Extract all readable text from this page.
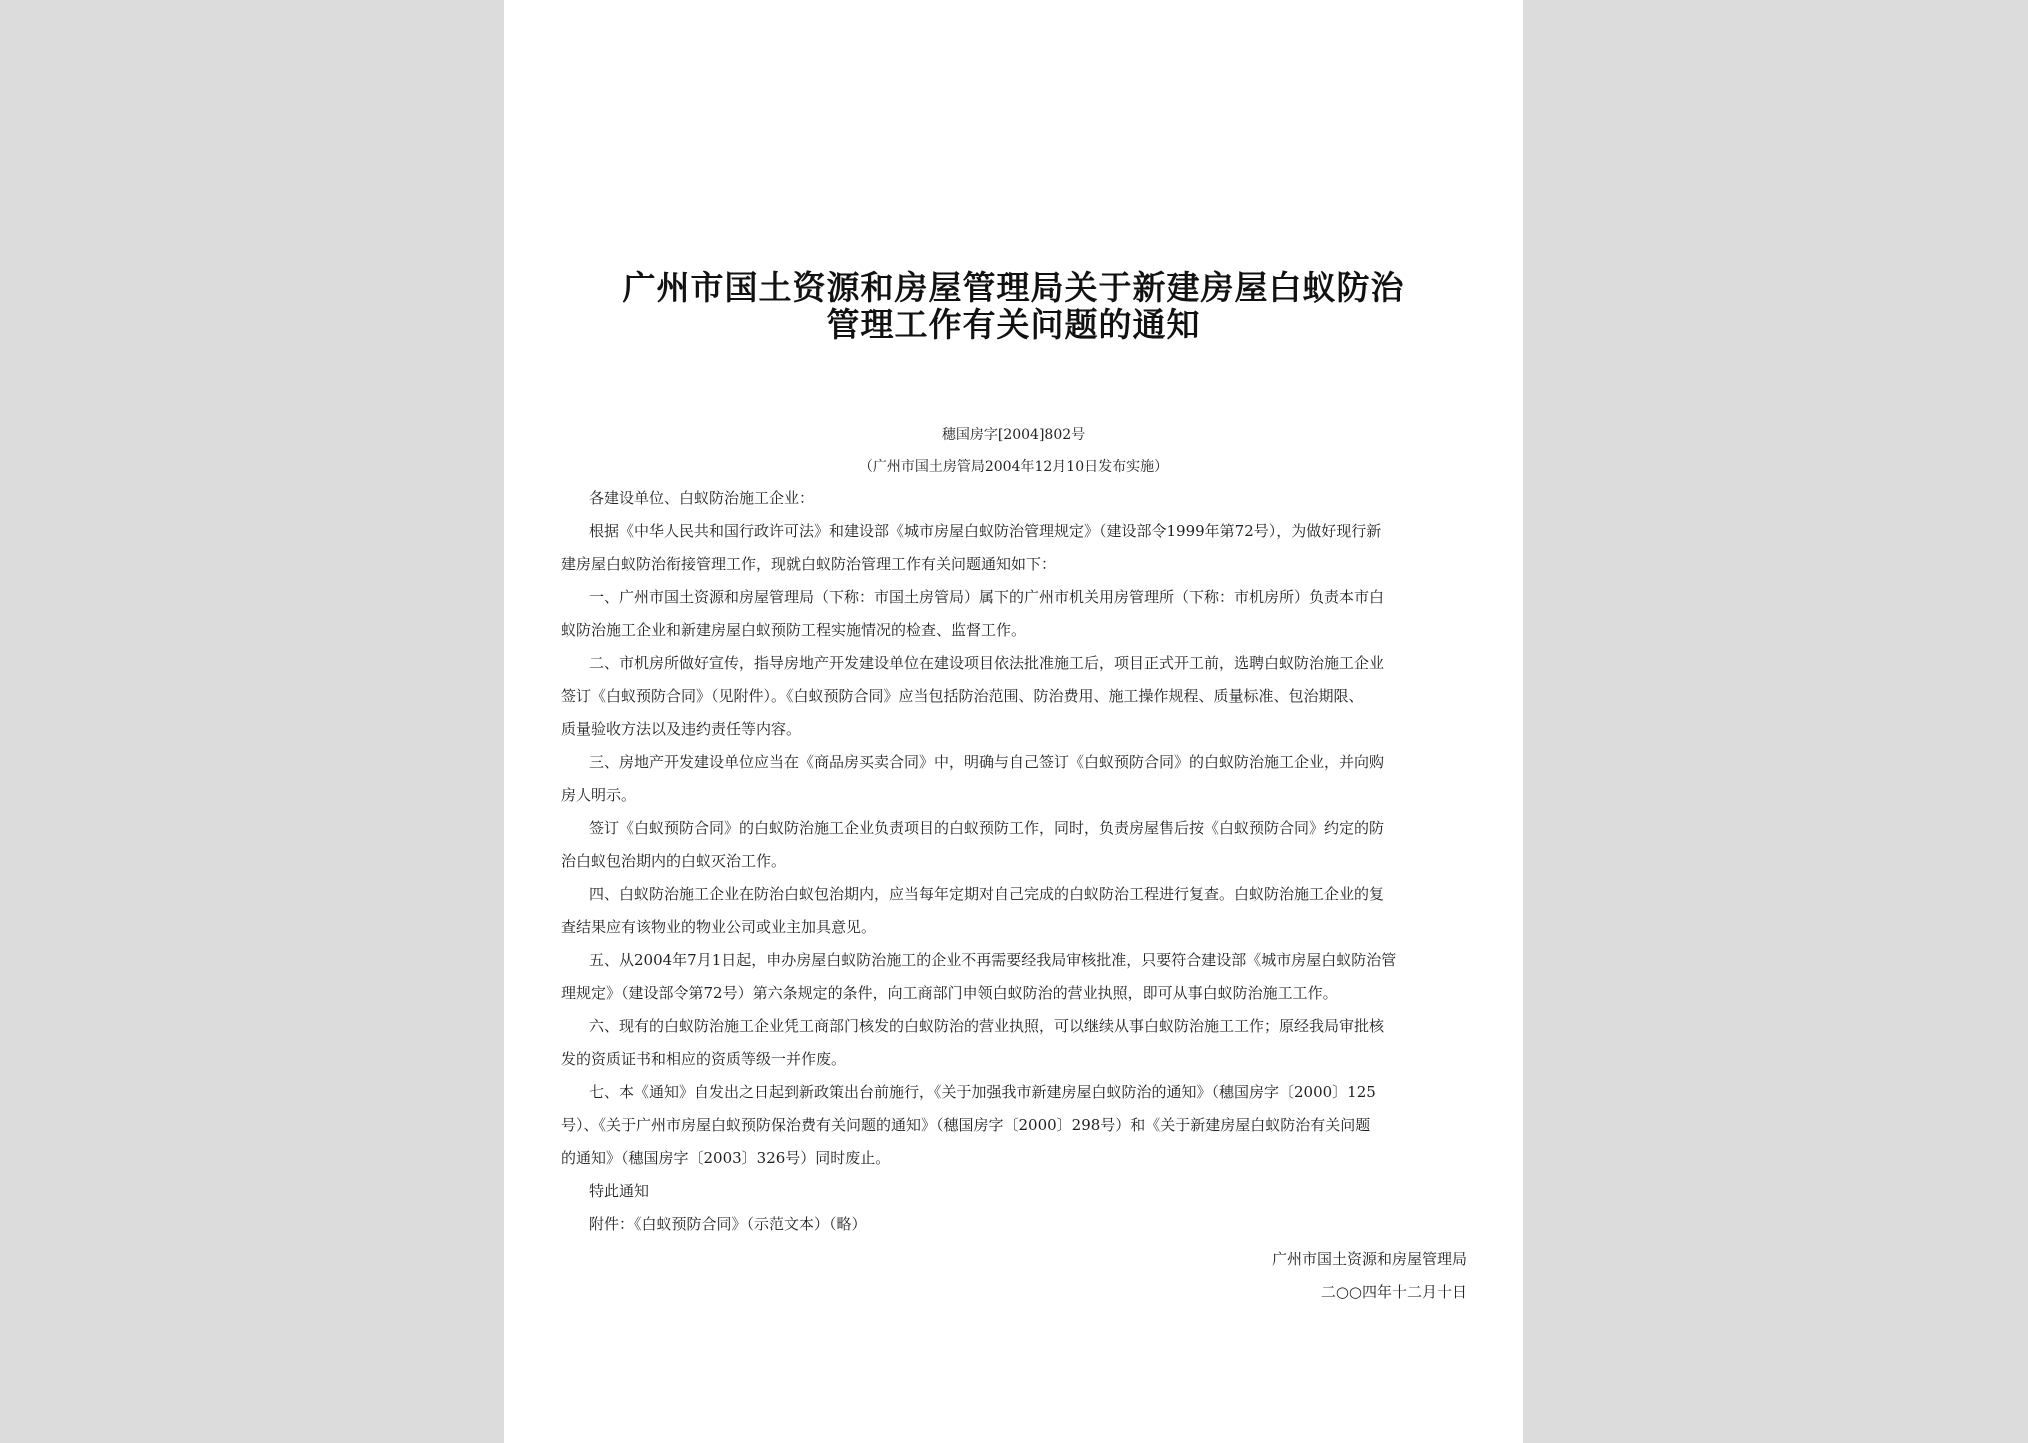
广州市国土资源和房屋管理局关于新建房屋白蚁防治
管理工作有关问题的通知
穗国房字[2004]802号
（广州市国土房管局2004年12月10日发布实施）
各建设单位、白蚁防治施工企业：
根据《中华人民共和国行政许可法》和建设部《城市房屋白蚁防治管理规定》（建设部令1999年第72号），为做好现行新
建房屋白蚁防治衔接管理工作，现就白蚁防治管理工作有关问题通知如下：
一、广州市国土资源和房屋管理局（下称：市国土房管局）属下的广州市机关用房管理所（下称：市机房所）负责本市白
蚁防治施工企业和新建房屋白蚁预防工程实施情况的检查、监督工作。
二、市机房所做好宣传，指导房地产开发建设单位在建设项目依法批准施工后，项目正式开工前，选聘白蚁防治施工企业
签订《白蚁预防合同》（见附件）。《白蚁预防合同》应当包括防治范围、防治费用、施工操作规程、质量标准、包治期限、
质量验收方法以及违约责任等内容。
三、房地产开发建设单位应当在《商品房买卖合同》中，明确与自己签订《白蚁预防合同》的白蚁防治施工企业，并向购
房人明示。
签订《白蚁预防合同》的白蚁防治施工企业负责项目的白蚁预防工作，同时，负责房屋售后按《白蚁预防合同》约定的防
治白蚁包治期内的白蚁灭治工作。
四、白蚁防治施工企业在防治白蚁包治期内，应当每年定期对自己完成的白蚁防治工程进行复查。白蚁防治施工企业的复
查结果应有该物业的物业公司或业主加具意见。
五、从2004年7月1日起，申办房屋白蚁防治施工的企业不再需要经我局审核批准，只要符合建设部《城市房屋白蚁防治管
理规定》（建设部令第72号）第六条规定的条件，向工商部门申领白蚁防治的营业执照，即可从事白蚁防治施工工作。
六、现有的白蚁防治施工企业凭工商部门核发的白蚁防治的营业执照，可以继续从事白蚁防治施工工作；原经我局审批核
发的资质证书和相应的资质等级一并作废。
七、本《通知》自发出之日起到新政策出台前施行，《关于加强我市新建房屋白蚁防治的通知》（穗国房字〔2000〕125
号）、《关于广州市房屋白蚁预防保治费有关问题的通知》（穗国房字〔2000〕298号）和《关于新建房屋白蚁防治有关问题
的通知》（穗国房字〔2003〕326号）同时废止。
特此通知
附件：《白蚁预防合同》（示范文本）（略）
广州市国土资源和房屋管理局
二○○四年十二月十日
